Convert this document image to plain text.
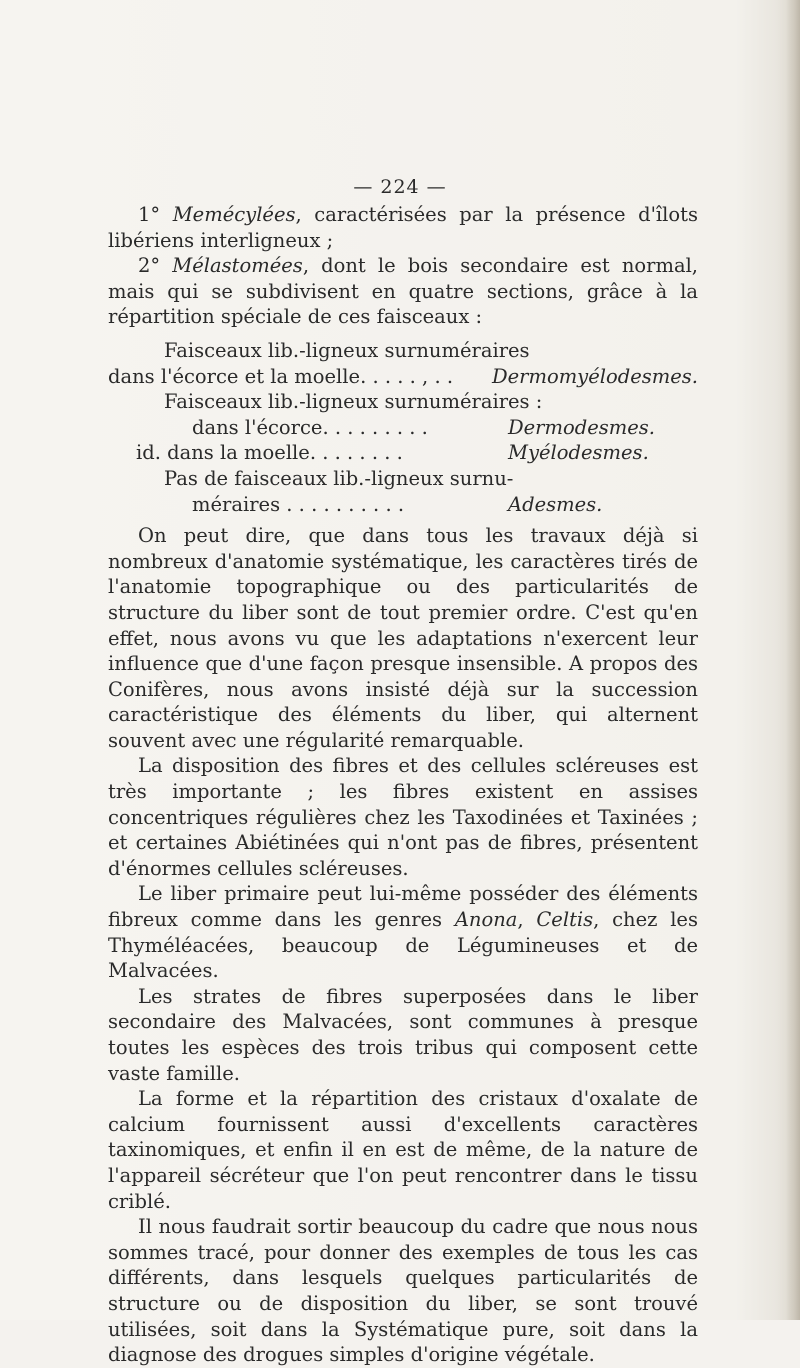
— 224 —

1° Memécylées, caractérisées par la présence d'îlots libériens interligneux ;

2° Mélastomées, dont le bois secondaire est normal, mais qui se subdivisent en quatre sections, grâce à la répartition spéciale de ces faisceaux :

Faisceaux lib.-ligneux surnuméraires
dans l'écorce et la moelle. . . . . , . .	Dermomyélodesmes.
Faisceaux lib.-ligneux surnuméraires :
dans l'écorce. . . . . . . . .	Dermodesmes.
id. dans la moelle. . . . . . . .	Myélodesmes.
Pas de faisceaux lib.-ligneux surnu-
méraires . . . . . . . . . .	Adesmes.

On peut dire, que dans tous les travaux déjà si nombreux d'anatomie systématique, les caractères tirés de l'anatomie topographique ou des particularités de structure du liber sont de tout premier ordre. C'est qu'en effet, nous avons vu que les adaptations n'exercent leur influence que d'une façon presque insensible. A propos des Conifères, nous avons insisté déjà sur la succession caractéristique des éléments du liber, qui alternent souvent avec une régularité remarquable.

La disposition des fibres et des cellules scléreuses est très importante ; les fibres existent en assises concentriques régulières chez les Taxodinées et Taxinées ; et certaines Abiétinées qui n'ont pas de fibres, présentent d'énormes cellules scléreuses.

Le liber primaire peut lui-même posséder des éléments fibreux comme dans les genres Anona, Celtis, chez les Thyméléacées, beaucoup de Légumineuses et de Malvacées.

Les strates de fibres superposées dans le liber secondaire des Malvacées, sont communes à presque toutes les espèces des trois tribus qui composent cette vaste famille.

La forme et la répartition des cristaux d'oxalate de calcium fournissent aussi d'excellents caractères taxinomiques, et enfin il en est de même, de la nature de l'appareil sécréteur que l'on peut rencontrer dans le tissu criblé.

Il nous faudrait sortir beaucoup du cadre que nous nous sommes tracé, pour donner des exemples de tous les cas différents, dans lesquels quelques particularités de structure ou de disposition du liber, se sont trouvé utilisées, soit dans la Systématique pure, soit dans la diagnose des drogues simples d'origine végétale.
